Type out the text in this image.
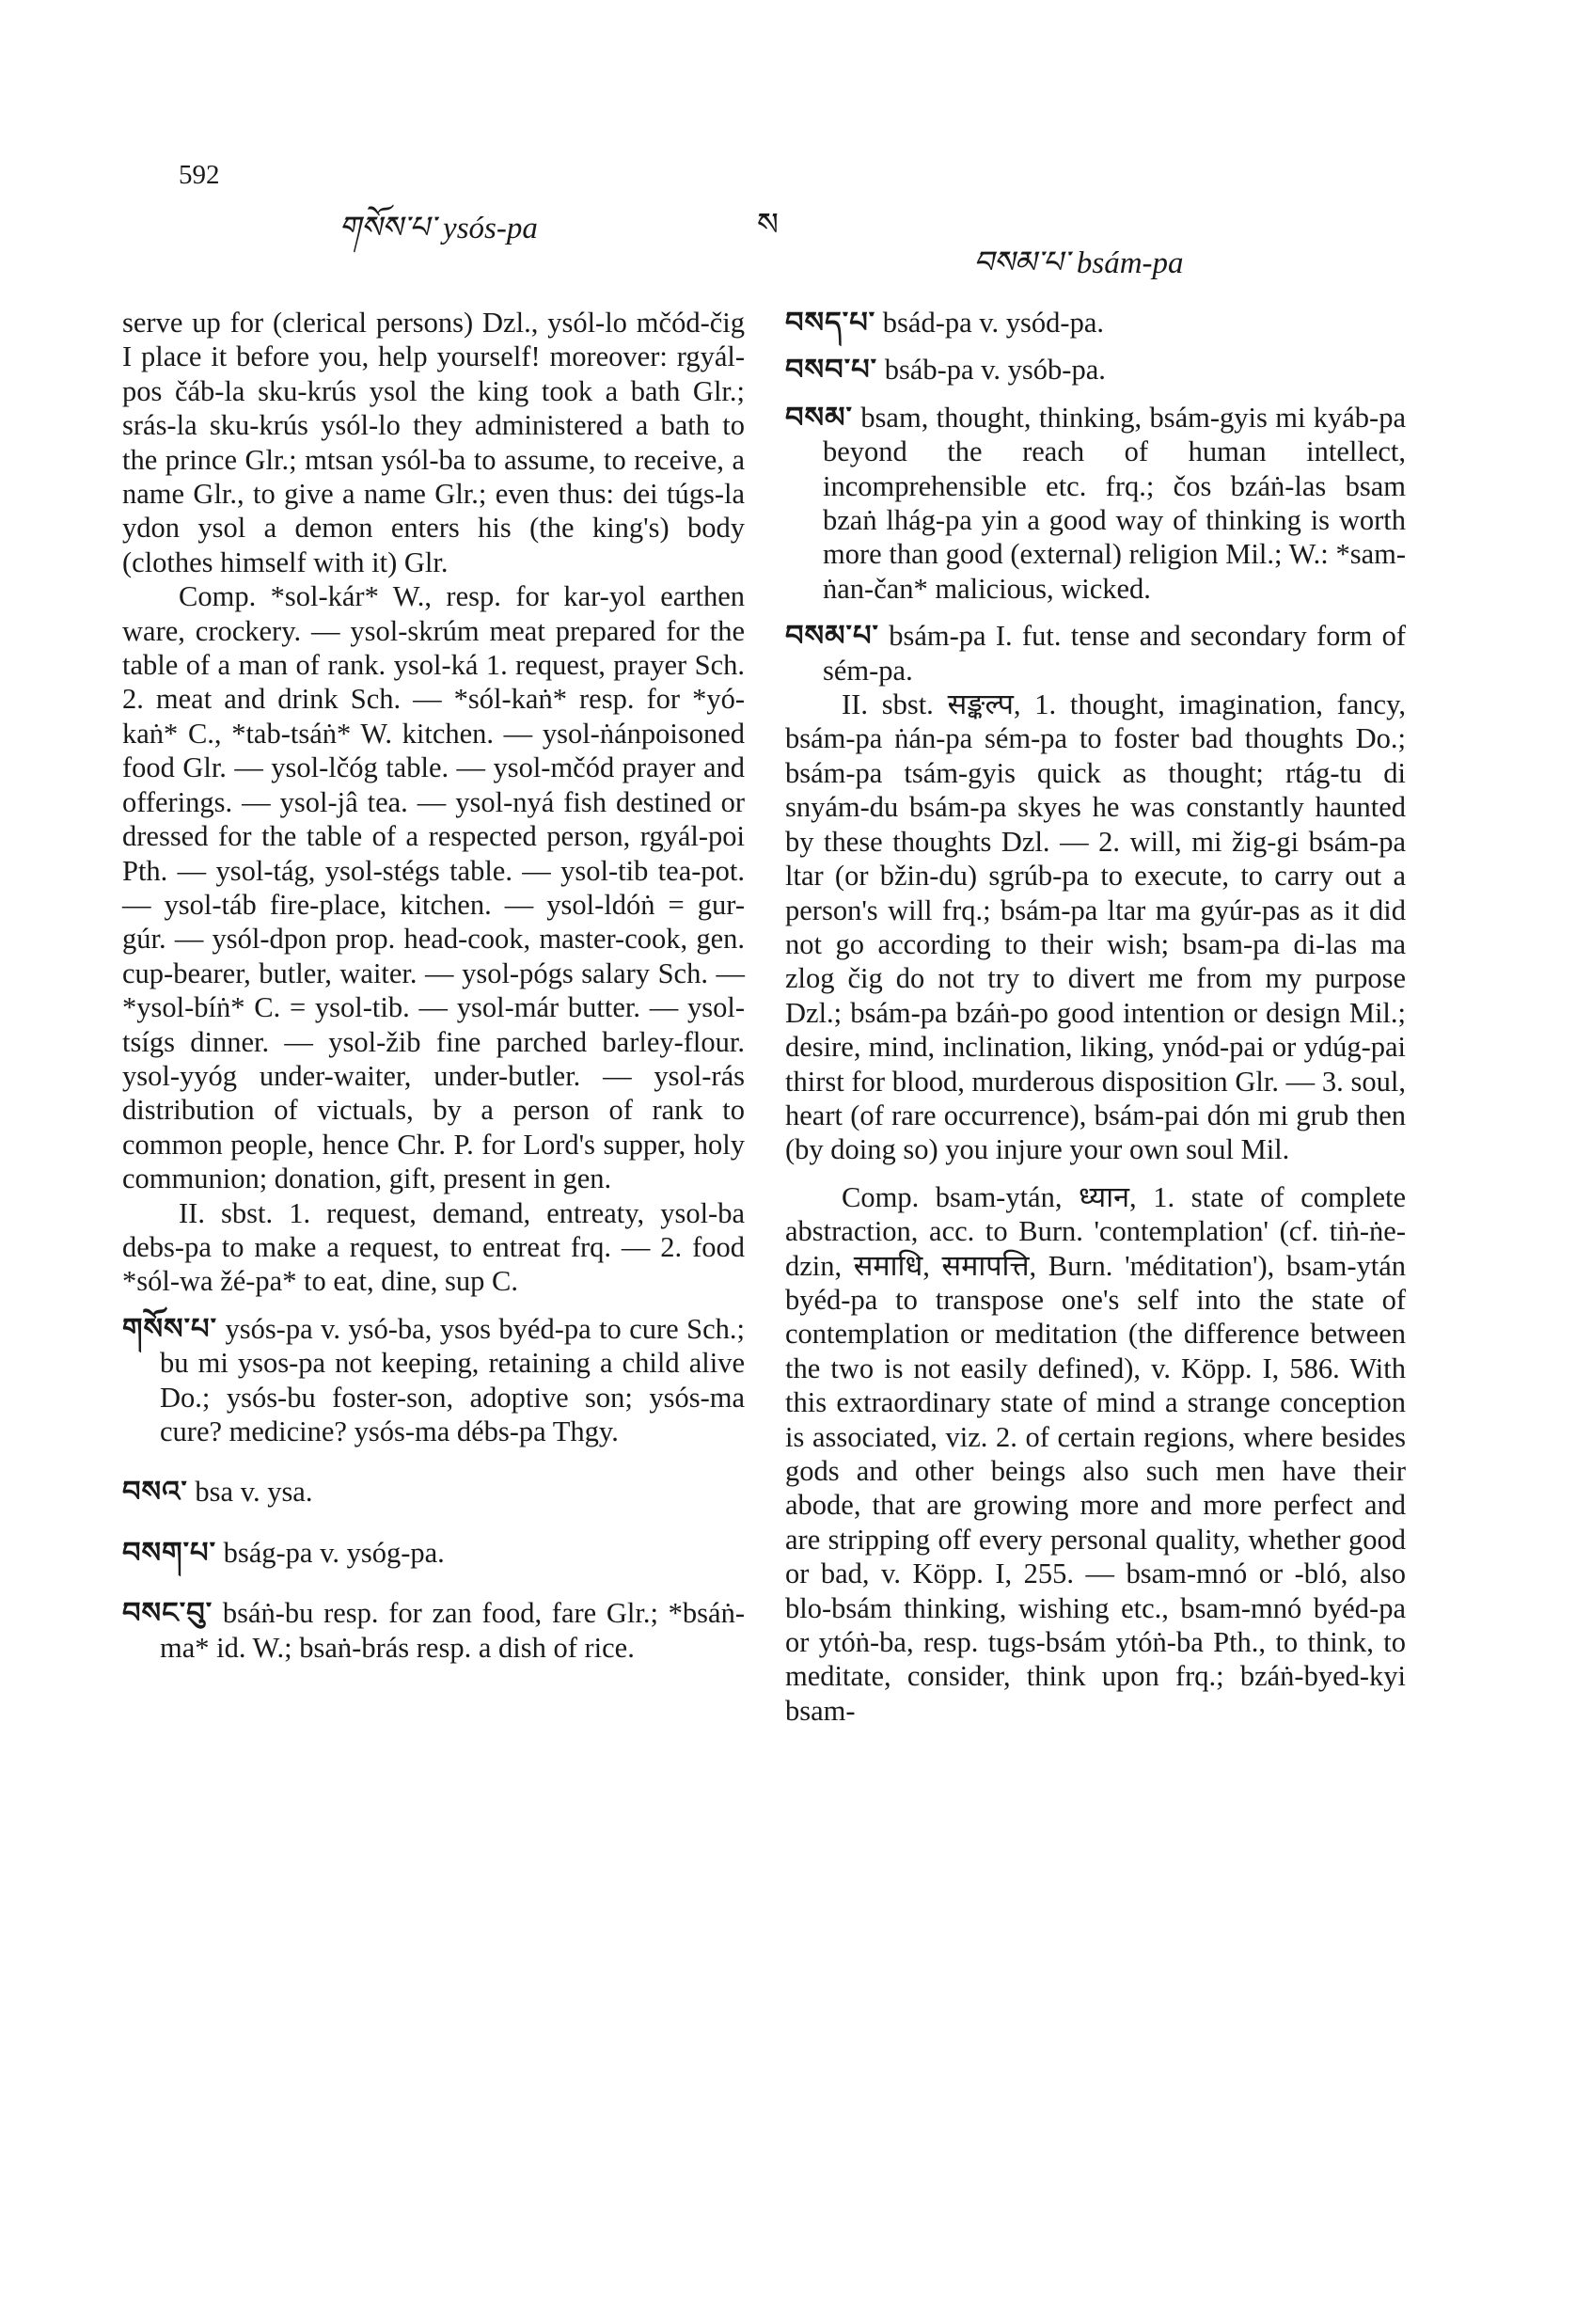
592
གསོས་པ་ ysós-pa	ས
བསམ་པ་ bsám-pa

serve up for (clerical persons) Dzl., ysól-lo mčód-čig I place it before you, help yourself! moreover: rgyál-pos čáb-la sku-krús ysol the king took a bath Glr.; srás-la sku-krús ysól-lo they administered a bath to the prince Glr.; mtsan ysól-ba to assume, to receive, a name Glr., to give a name Glr.; even thus: dei túgs-la ydon ysol a demon enters his (the king's) body (clothes himself with it) Glr.

Comp. *sol-kár* W., resp. for kar-yol earthen ware, crockery. — ysol-skrúm meat prepared for the table of a man of rank. ysol-ká 1. request, prayer Sch. 2. meat and drink Sch. — *sól-kaṅ* resp. for *yó-kaṅ* C., *tab-tsáṅ* W. kitchen. — ysol-ṅánpoisoned food Glr. — ysol-lčóg table. — ysol-mčód prayer and offerings. — ysol-jâ tea. — ysol-nyá fish destined or dressed for the table of a respected person, rgyál-poi Pth. — ysol-tág, ysol-stégs table. — ysol-tib tea-pot. — ysol-táb fire-place, kitchen. — ysol-ldóṅ = gur-gúr. — ysól-dpon prop. head-cook, master-cook, gen. cup-bearer, butler, waiter. — ysol-pógs salary Sch. — *ysol-bíṅ* C. = ysol-tib. — ysol-már butter. — ysol-tsígs dinner. — ysol-žib fine parched barley-flour. ysol-yyóg under-waiter, under-butler. — ysol-rás distribution of victuals, by a person of rank to common people, hence Chr. P. for Lord's supper, holy communion; donation, gift, present in gen.

II. sbst. 1. request, demand, entreaty, ysol-ba debs-pa to make a request, to entreat frq. — 2. food *sól-wa žé-pa* to eat, dine, sup C.

གསོས་པ་ ysós-pa v. ysó-ba, ysos byéd-pa to cure Sch.; bu mi ysos-pa not keeping, retaining a child alive Do.; ysós-bu foster-son, adoptive son; ysós-ma cure? medicine? ysós-ma débs-pa Thgy.

བསའ་ bsa v. ysa.

བསག་པ་ bság-pa v. ysóg-pa.

བསང་བུ་ bsáṅ-bu resp. for zan food, fare Glr.; *bsáṅ-ma* id. W.; bsaṅ-brás resp. a dish of rice.

བསད་པ་ bsád-pa v. ysód-pa.

བསབ་པ་ bsáb-pa v. ysób-pa.

བསམ་ bsam, thought, thinking, bsám-gyis mi kyáb-pa beyond the reach of human intellect, incomprehensible etc. frq.; čos bzáṅ-las bsam bzaṅ lhág-pa yin a good way of thinking is worth more than good (external) religion Mil.; W.: *sam-ṅan-čan* malicious, wicked.

བསམ་པ་ bsám-pa I. fut. tense and secondary form of sém-pa.

II. sbst. सङ्कल्प, 1. thought, imagination, fancy, bsám-pa ṅán-pa sém-pa to foster bad thoughts Do.; bsám-pa tsám-gyis quick as thought; rtág-tu di snyám-du bsám-pa skyes he was constantly haunted by these thoughts Dzl. — 2. will, mi žig-gi bsám-pa ltar (or bžin-du) sgrúb-pa to execute, to carry out a person's will frq.; bsám-pa ltar ma gyúr-pas as it did not go according to their wish; bsam-pa di-las ma zlog čig do not try to divert me from my purpose Dzl.; bsám-pa bzáṅ-po good intention or design Mil.; desire, mind, inclination, liking, ynód-pai or ydúg-pai thirst for blood, murderous disposition Glr. — 3. soul, heart (of rare occurrence), bsám-pai dón mi grub then (by doing so) you injure your own soul Mil.

Comp. bsam-ytán, ध्यान, 1. state of complete abstraction, acc. to Burn. 'contemplation' (cf. tiṅ-ṅe-dzin, समाधि, समापत्ति, Burn. 'méditation'), bsam-ytán byéd-pa to transpose one's self into the state of contemplation or meditation (the difference between the two is not easily defined), v. Köpp. I, 586. With this extraordinary state of mind a strange conception is associated, viz. 2. of certain regions, where besides gods and other beings also such men have their abode, that are growing more and more perfect and are stripping off every personal quality, whether good or bad, v. Köpp. I, 255. — bsam-mnó or -bló, also blo-bsám thinking, wishing etc., bsam-mnó byéd-pa or ytóṅ-ba, resp. tugs-bsám ytóṅ-ba Pth., to think, to meditate, consider, think upon frq.; bzáṅ-byed-kyi bsam-
